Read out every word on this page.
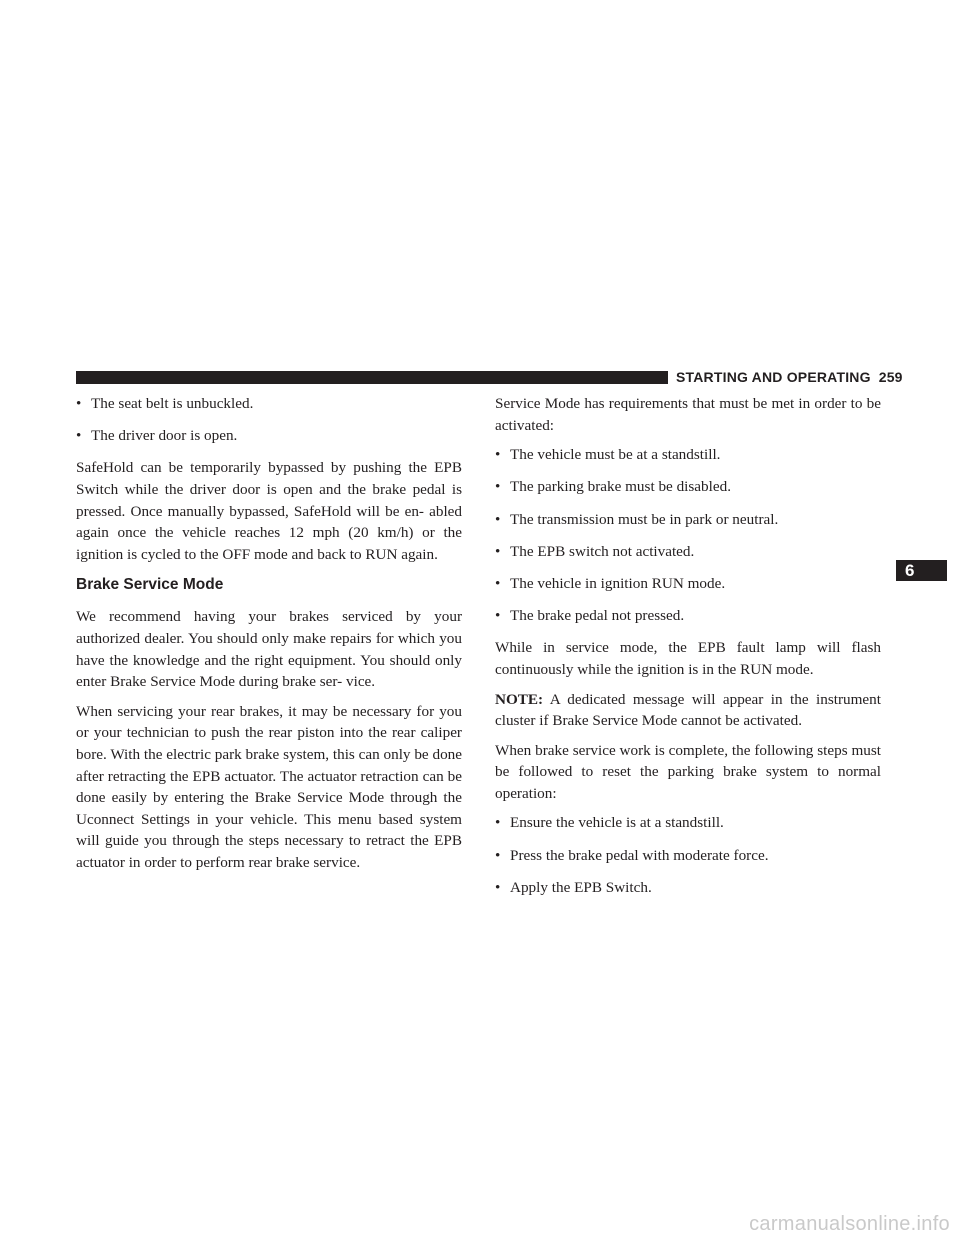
STARTING AND OPERATING 259
6
• The seat belt is unbuckled.
• The driver door is open.

SafeHold can be temporarily bypassed by pushing the EPB Switch while the driver door is open and the brake pedal is pressed. Once manually bypassed, SafeHold will be en- abled again once the vehicle reaches 12 mph (20 km/h) or the ignition is cycled to the OFF mode and back to RUN again.

Brake Service Mode

We recommend having your brakes serviced by your authorized dealer. You should only make repairs for which you have the knowledge and the right equipment. You should only enter Brake Service Mode during brake ser- vice.

When servicing your rear brakes, it may be necessary for you or your technician to push the rear piston into the rear caliper bore. With the electric park brake system, this can only be done after retracting the EPB actuator. The actuator retraction can be done easily by entering the Brake Service Mode through the Uconnect Settings in your vehicle. This menu based system will guide you through the steps necessary to retract the EPB actuator in order to perform rear brake service.

Service Mode has requirements that must be met in order to be activated:

• The vehicle must be at a standstill.
• The parking brake must be disabled.
• The transmission must be in park or neutral.
• The EPB switch not activated.
• The vehicle in ignition RUN mode.
• The brake pedal not pressed.

While in service mode, the EPB fault lamp will flash continuously while the ignition is in the RUN mode.

NOTE: A dedicated message will appear in the instrument cluster if Brake Service Mode cannot be activated.

When brake service work is complete, the following steps must be followed to reset the parking brake system to normal operation:

• Ensure the vehicle is at a standstill.
• Press the brake pedal with moderate force.
• Apply the EPB Switch.
carmanualsonline.info
